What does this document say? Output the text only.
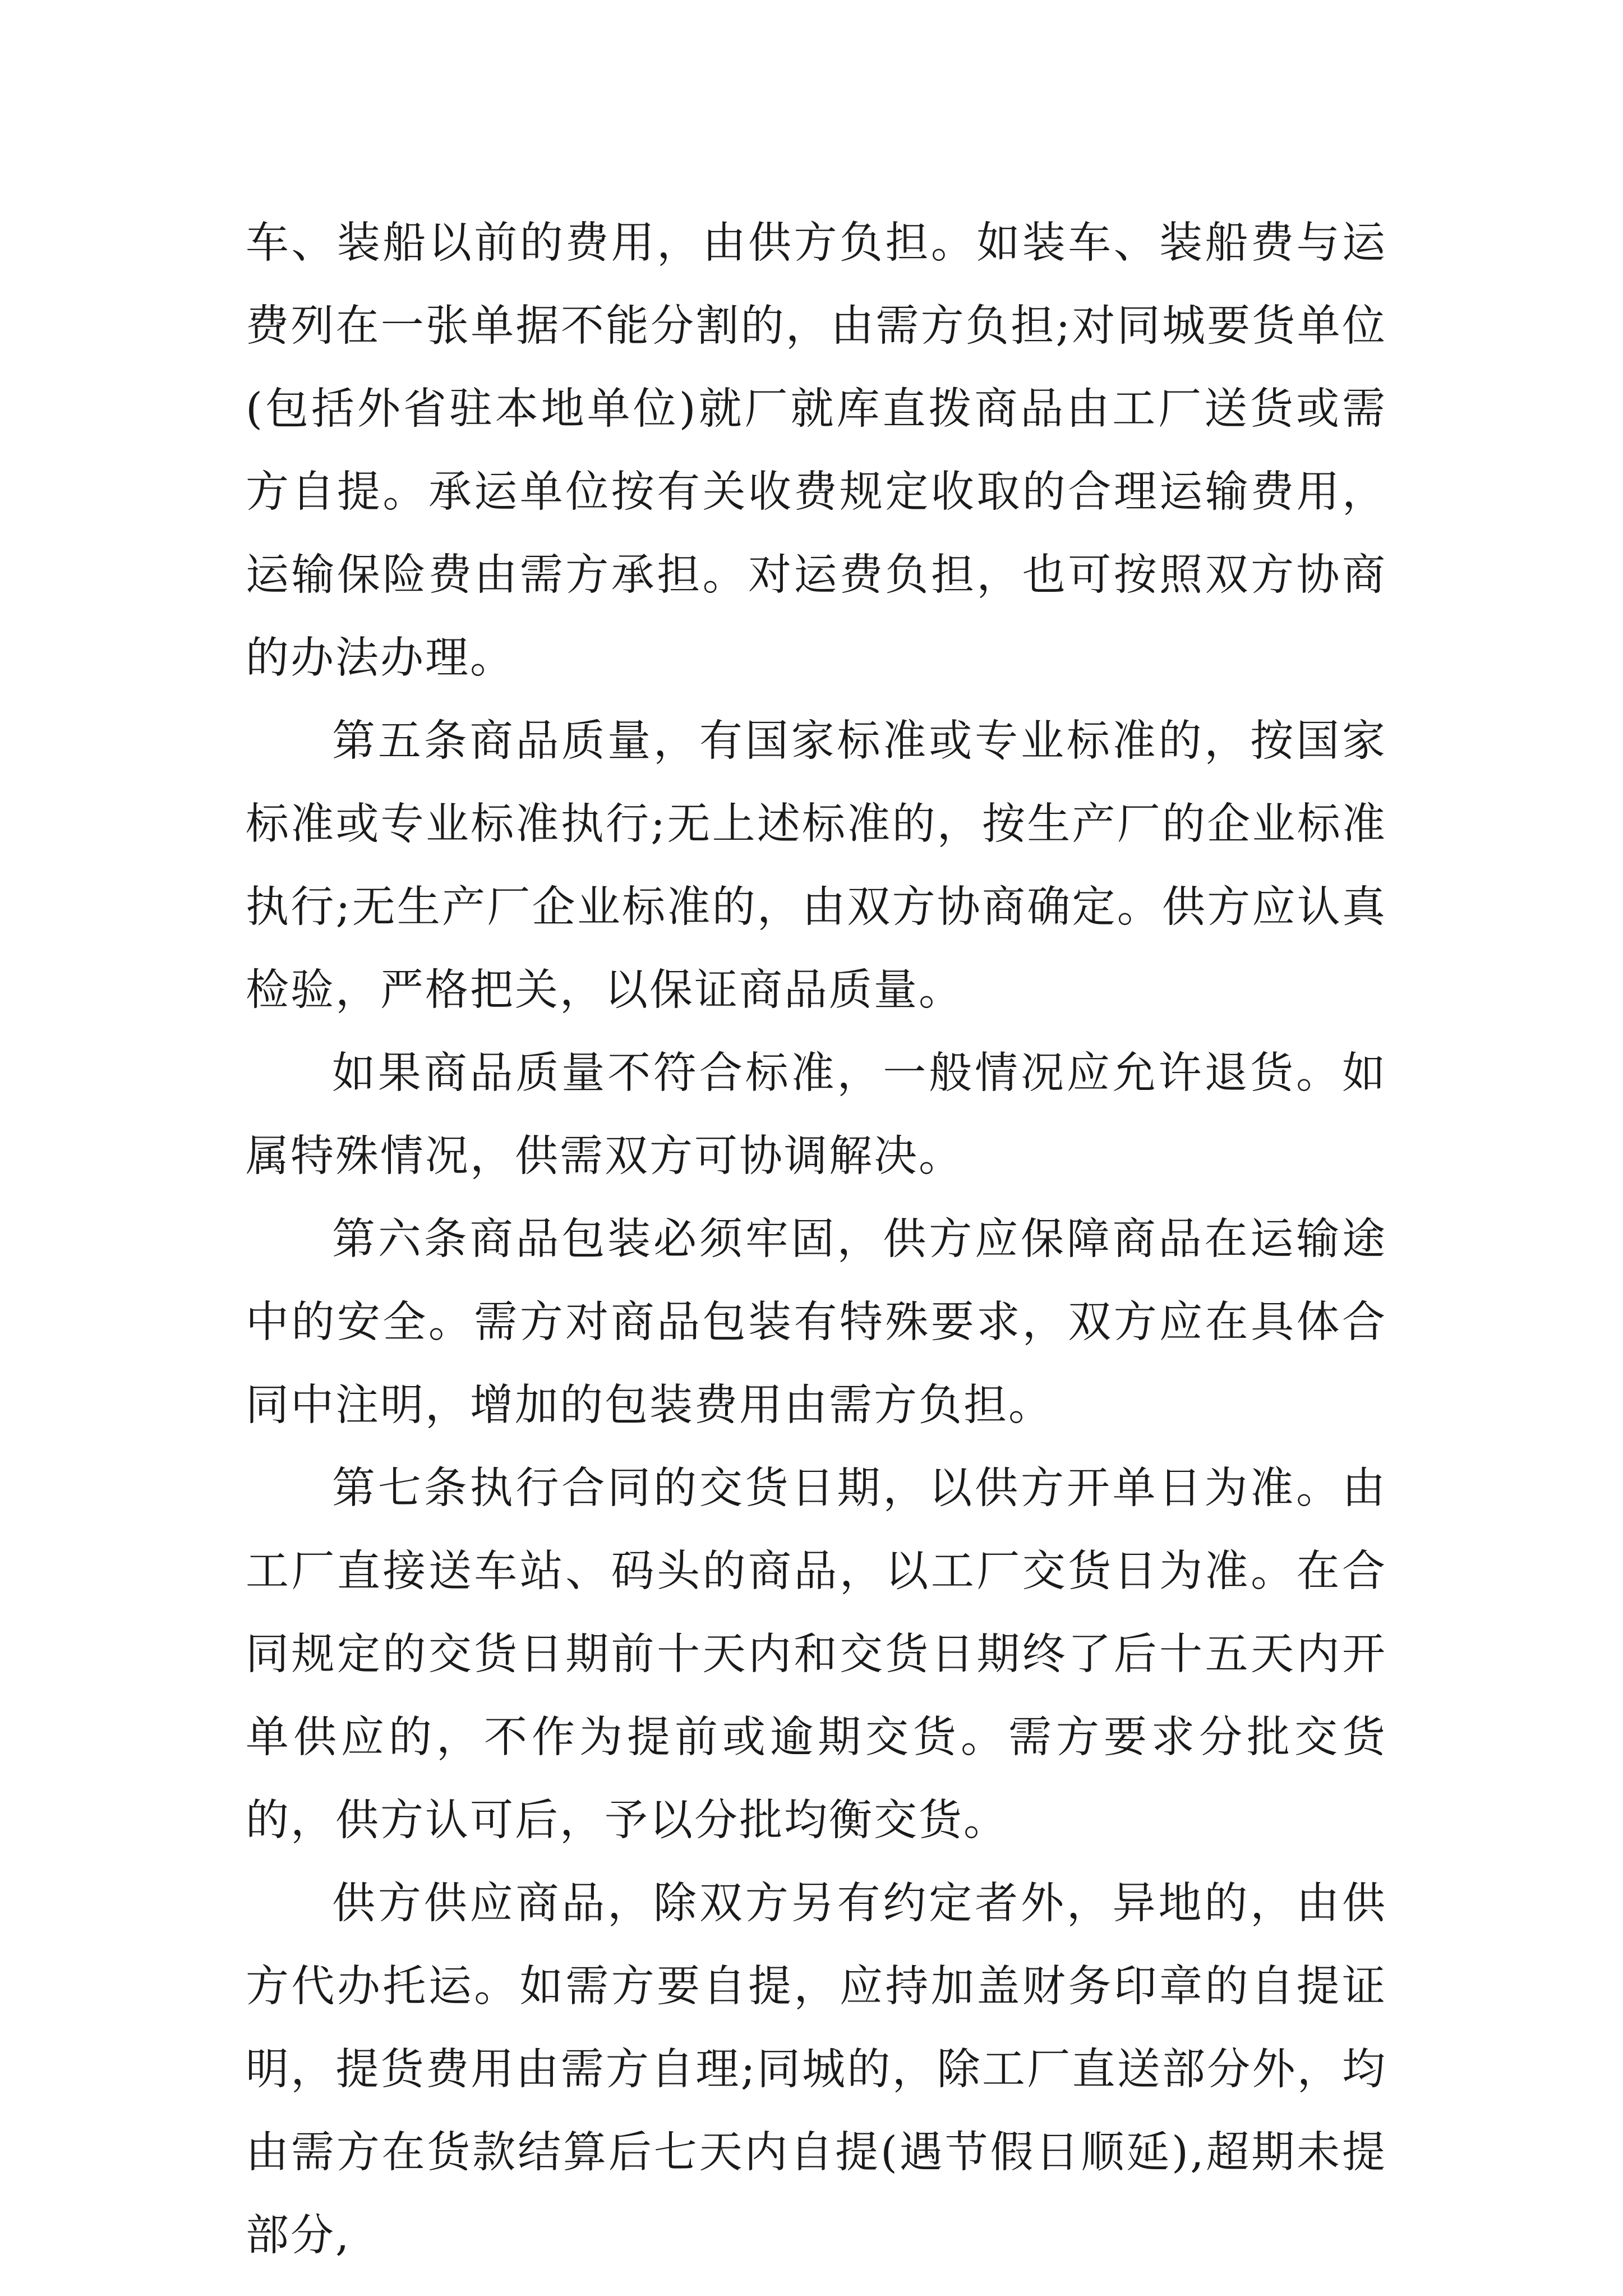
车、装船以前的费用，由供方负担。如装车、装船费与运费列在一张单据不能分割的，由需方负担;对同城要货单位(包括外省驻本地单位)就厂就库直拨商品由工厂送货或需方自提。承运单位按有关收费规定收取的合理运输费用，运输保险费由需方承担。对运费负担，也可按照双方协商的办法办理。

第五条商品质量，有国家标准或专业标准的，按国家标准或专业标准执行;无上述标准的，按生产厂的企业标准执行;无生产厂企业标准的，由双方协商确定。供方应认真检验，严格把关，以保证商品质量。

如果商品质量不符合标准，一般情况应允许退货。如属特殊情况，供需双方可协调解决。

第六条商品包装必须牢固，供方应保障商品在运输途中的安全。需方对商品包装有特殊要求，双方应在具体合同中注明，增加的包装费用由需方负担。

第七条执行合同的交货日期，以供方开单日为准。由工厂直接送车站、码头的商品，以工厂交货日为准。在合同规定的交货日期前十天内和交货日期终了后十五天内开单供应的，不作为提前或逾期交货。需方要求分批交货的，供方认可后，予以分批均衡交货。

供方供应商品，除双方另有约定者外，异地的，由供方代办托运。如需方要自提，应持加盖财务印章的自提证明，提货费用由需方自理;同城的，除工厂直送部分外，均由需方在货款结算后七天内自提(遇节假日顺延),超期未提部分,
